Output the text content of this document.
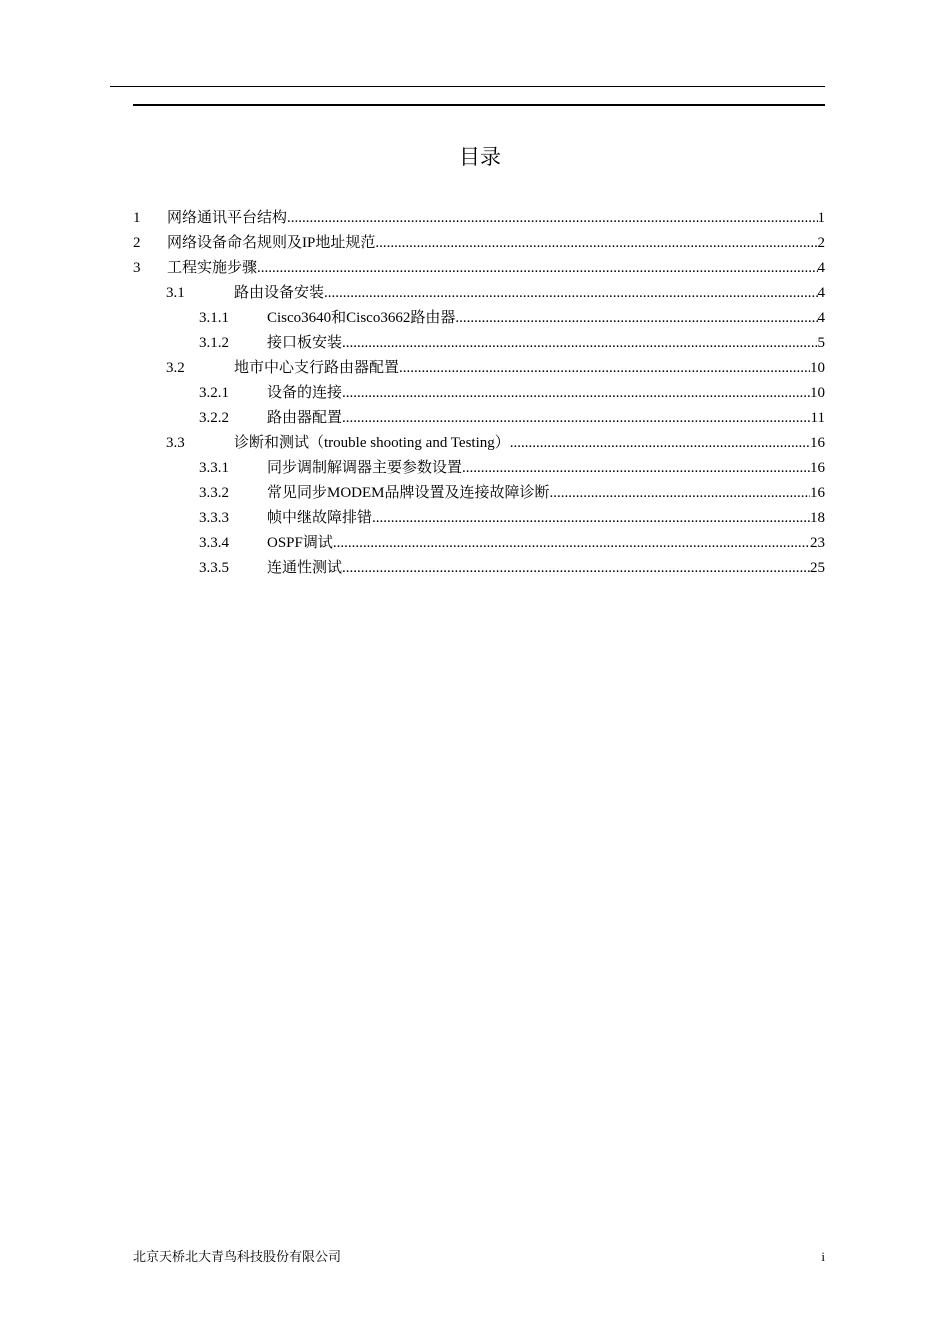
目录
1	网络通讯平台结构 .....	1
2	网络设备命名规则及IP地址规范 .....	2
3	工程实施步骤 .....	4
3.1	路由设备安装 .....	4
3.1.1	Cisco3640和Cisco3662路由器 .....	4
3.1.2	接口板安装 .....	5
3.2	地市中心支行路由器配置 .....	10
3.2.1	设备的连接 .....	10
3.2.2	路由器配置 .....	11
3.3	诊断和测试（trouble shooting and Testing） .....	16
3.3.1	同步调制解调器主要参数设置 .....	16
3.3.2	常见同步MODEM品牌设置及连接故障诊断 .....	16
3.3.3	帧中继故障排错 .....	18
3.3.4	OSPF调试 .....	23
3.3.5	连通性测试 .....	25
北京天桥北大青鸟科技股份有限公司	i
